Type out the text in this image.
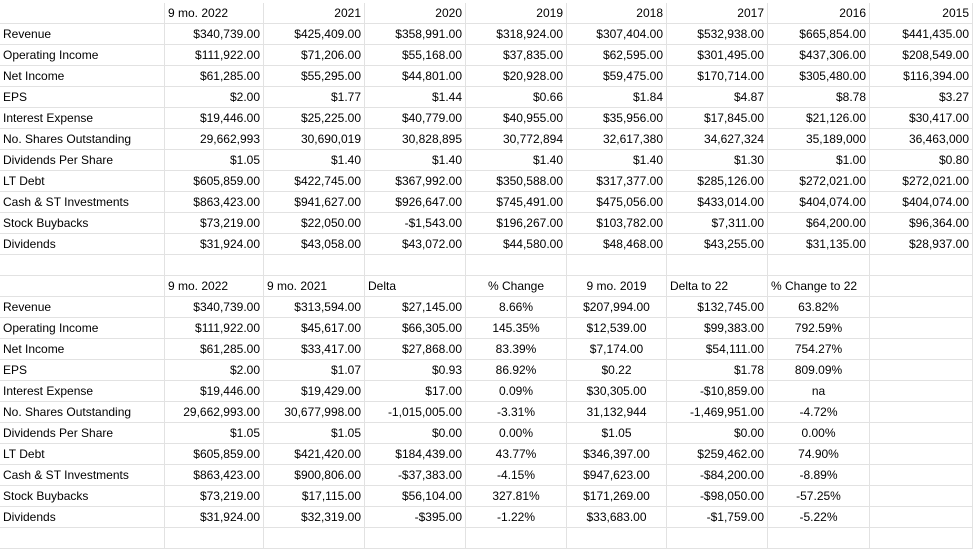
9 mo. 2022	2021	2020	2019	2018	2017	2016	2015
Revenue	$340,739.00	$425,409.00	$358,991.00	$318,924.00	$307,404.00	$532,938.00	$665,854.00	$441,435.00
Operating Income	$111,922.00	$71,206.00	$55,168.00	$37,835.00	$62,595.00	$301,495.00	$437,306.00	$208,549.00
Net Income	$61,285.00	$55,295.00	$44,801.00	$20,928.00	$59,475.00	$170,714.00	$305,480.00	$116,394.00
EPS	$2.00	$1.77	$1.44	$0.66	$1.84	$4.87	$8.78	$3.27
Interest Expense	$19,446.00	$25,225.00	$40,779.00	$40,955.00	$35,956.00	$17,845.00	$21,126.00	$30,417.00
No. Shares Outstanding	29,662,993	30,690,019	30,828,895	30,772,894	32,617,380	34,627,324	35,189,000	36,463,000
Dividends Per Share	$1.05	$1.40	$1.40	$1.40	$1.40	$1.30	$1.00	$0.80
LT Debt	$605,859.00	$422,745.00	$367,992.00	$350,588.00	$317,377.00	$285,126.00	$272,021.00	$272,021.00
Cash & ST Investments	$863,423.00	$941,627.00	$926,647.00	$745,491.00	$475,056.00	$433,014.00	$404,074.00	$404,074.00
Stock Buybacks	$73,219.00	$22,050.00	-$1,543.00	$196,267.00	$103,782.00	$7,311.00	$64,200.00	$96,364.00
Dividends	$31,924.00	$43,058.00	$43,072.00	$44,580.00	$48,468.00	$43,255.00	$31,135.00	$28,937.00
9 mo. 2022	9 mo. 2021	Delta	% Change	9 mo. 2019	Delta to 22	% Change to 22
Revenue	$340,739.00	$313,594.00	$27,145.00	8.66%	$207,994.00	$132,745.00	63.82%
Operating Income	$111,922.00	$45,617.00	$66,305.00	145.35%	$12,539.00	$99,383.00	792.59%
Net Income	$61,285.00	$33,417.00	$27,868.00	83.39%	$7,174.00	$54,111.00	754.27%
EPS	$2.00	$1.07	$0.93	86.92%	$0.22	$1.78	809.09%
Interest Expense	$19,446.00	$19,429.00	$17.00	0.09%	$30,305.00	-$10,859.00	na
No. Shares Outstanding	29,662,993.00	30,677,998.00	-1,015,005.00	-3.31%	31,132,944	-1,469,951.00	-4.72%
Dividends Per Share	$1.05	$1.05	$0.00	0.00%	$1.05	$0.00	0.00%
LT Debt	$605,859.00	$421,420.00	$184,439.00	43.77%	$346,397.00	$259,462.00	74.90%
Cash & ST Investments	$863,423.00	$900,806.00	-$37,383.00	-4.15%	$947,623.00	-$84,200.00	-8.89%
Stock Buybacks	$73,219.00	$17,115.00	$56,104.00	327.81%	$171,269.00	-$98,050.00	-57.25%
Dividends	$31,924.00	$32,319.00	-$395.00	-1.22%	$33,683.00	-$1,759.00	-5.22%
